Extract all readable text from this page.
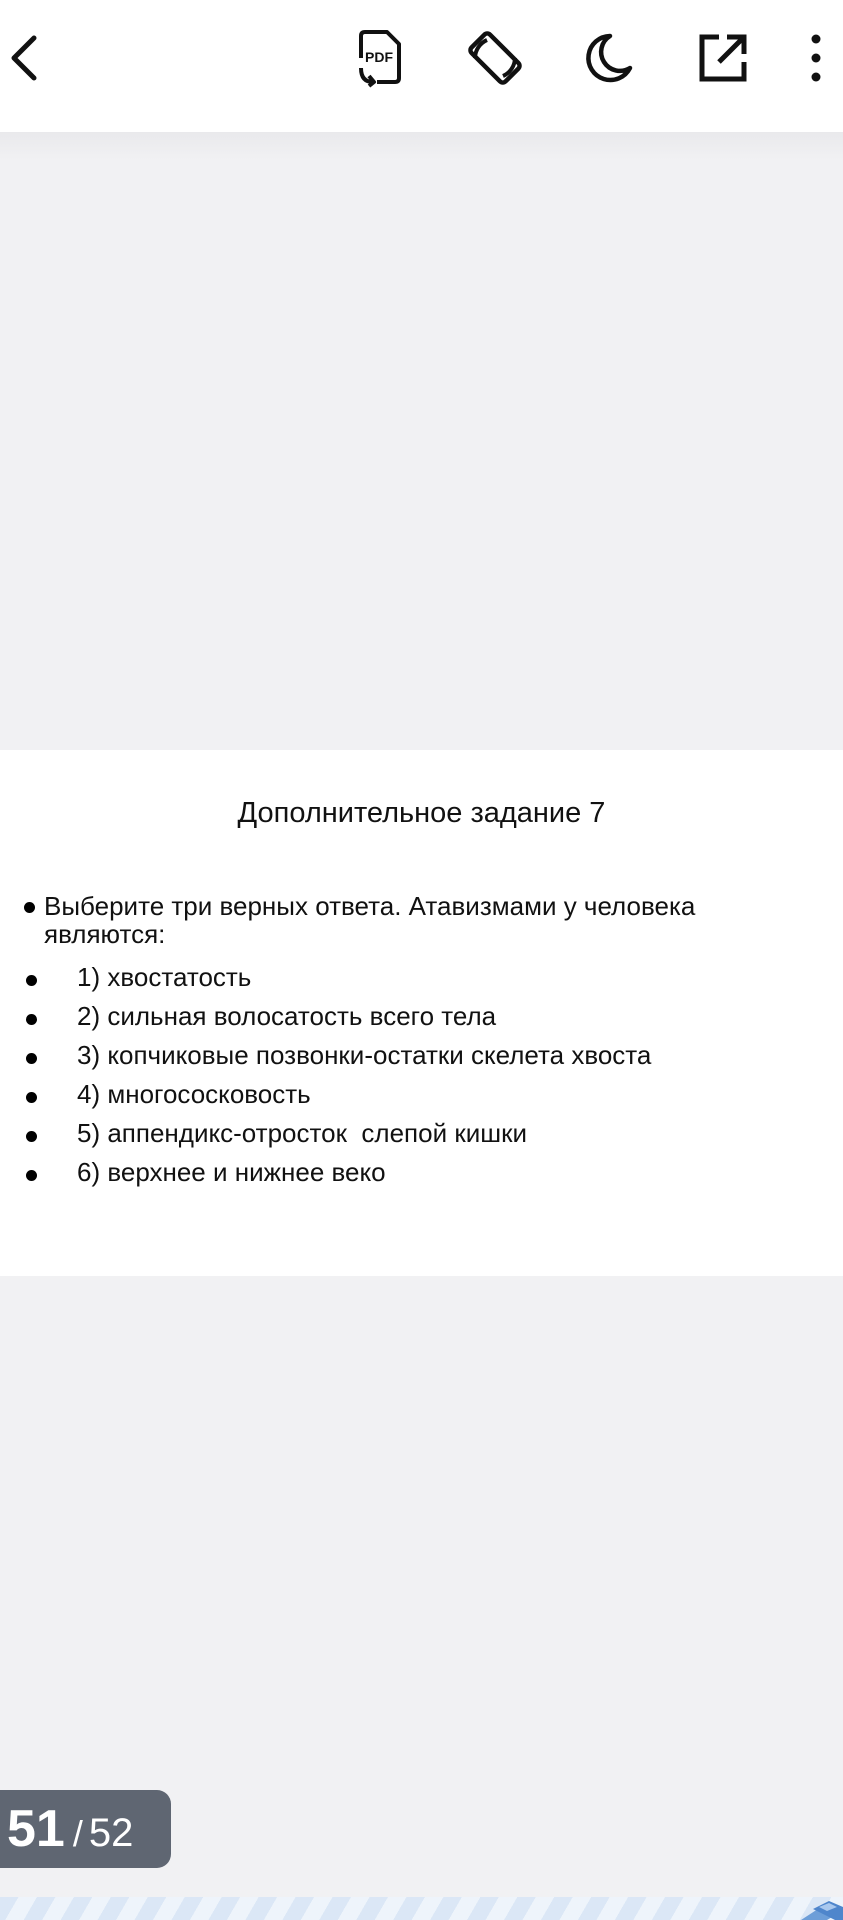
PDF
Дополнительное задание 7
Выберите три верных ответа. Атавизмами у человека являются:
1) хвостатость
2) сильная волосатость всего тела
3) копчиковые позвонки-остатки скелета хвоста
4) многососковость
5) аппендикс-отросток  слепой кишки
6) верхнее и нижнее веко
51 / 52
